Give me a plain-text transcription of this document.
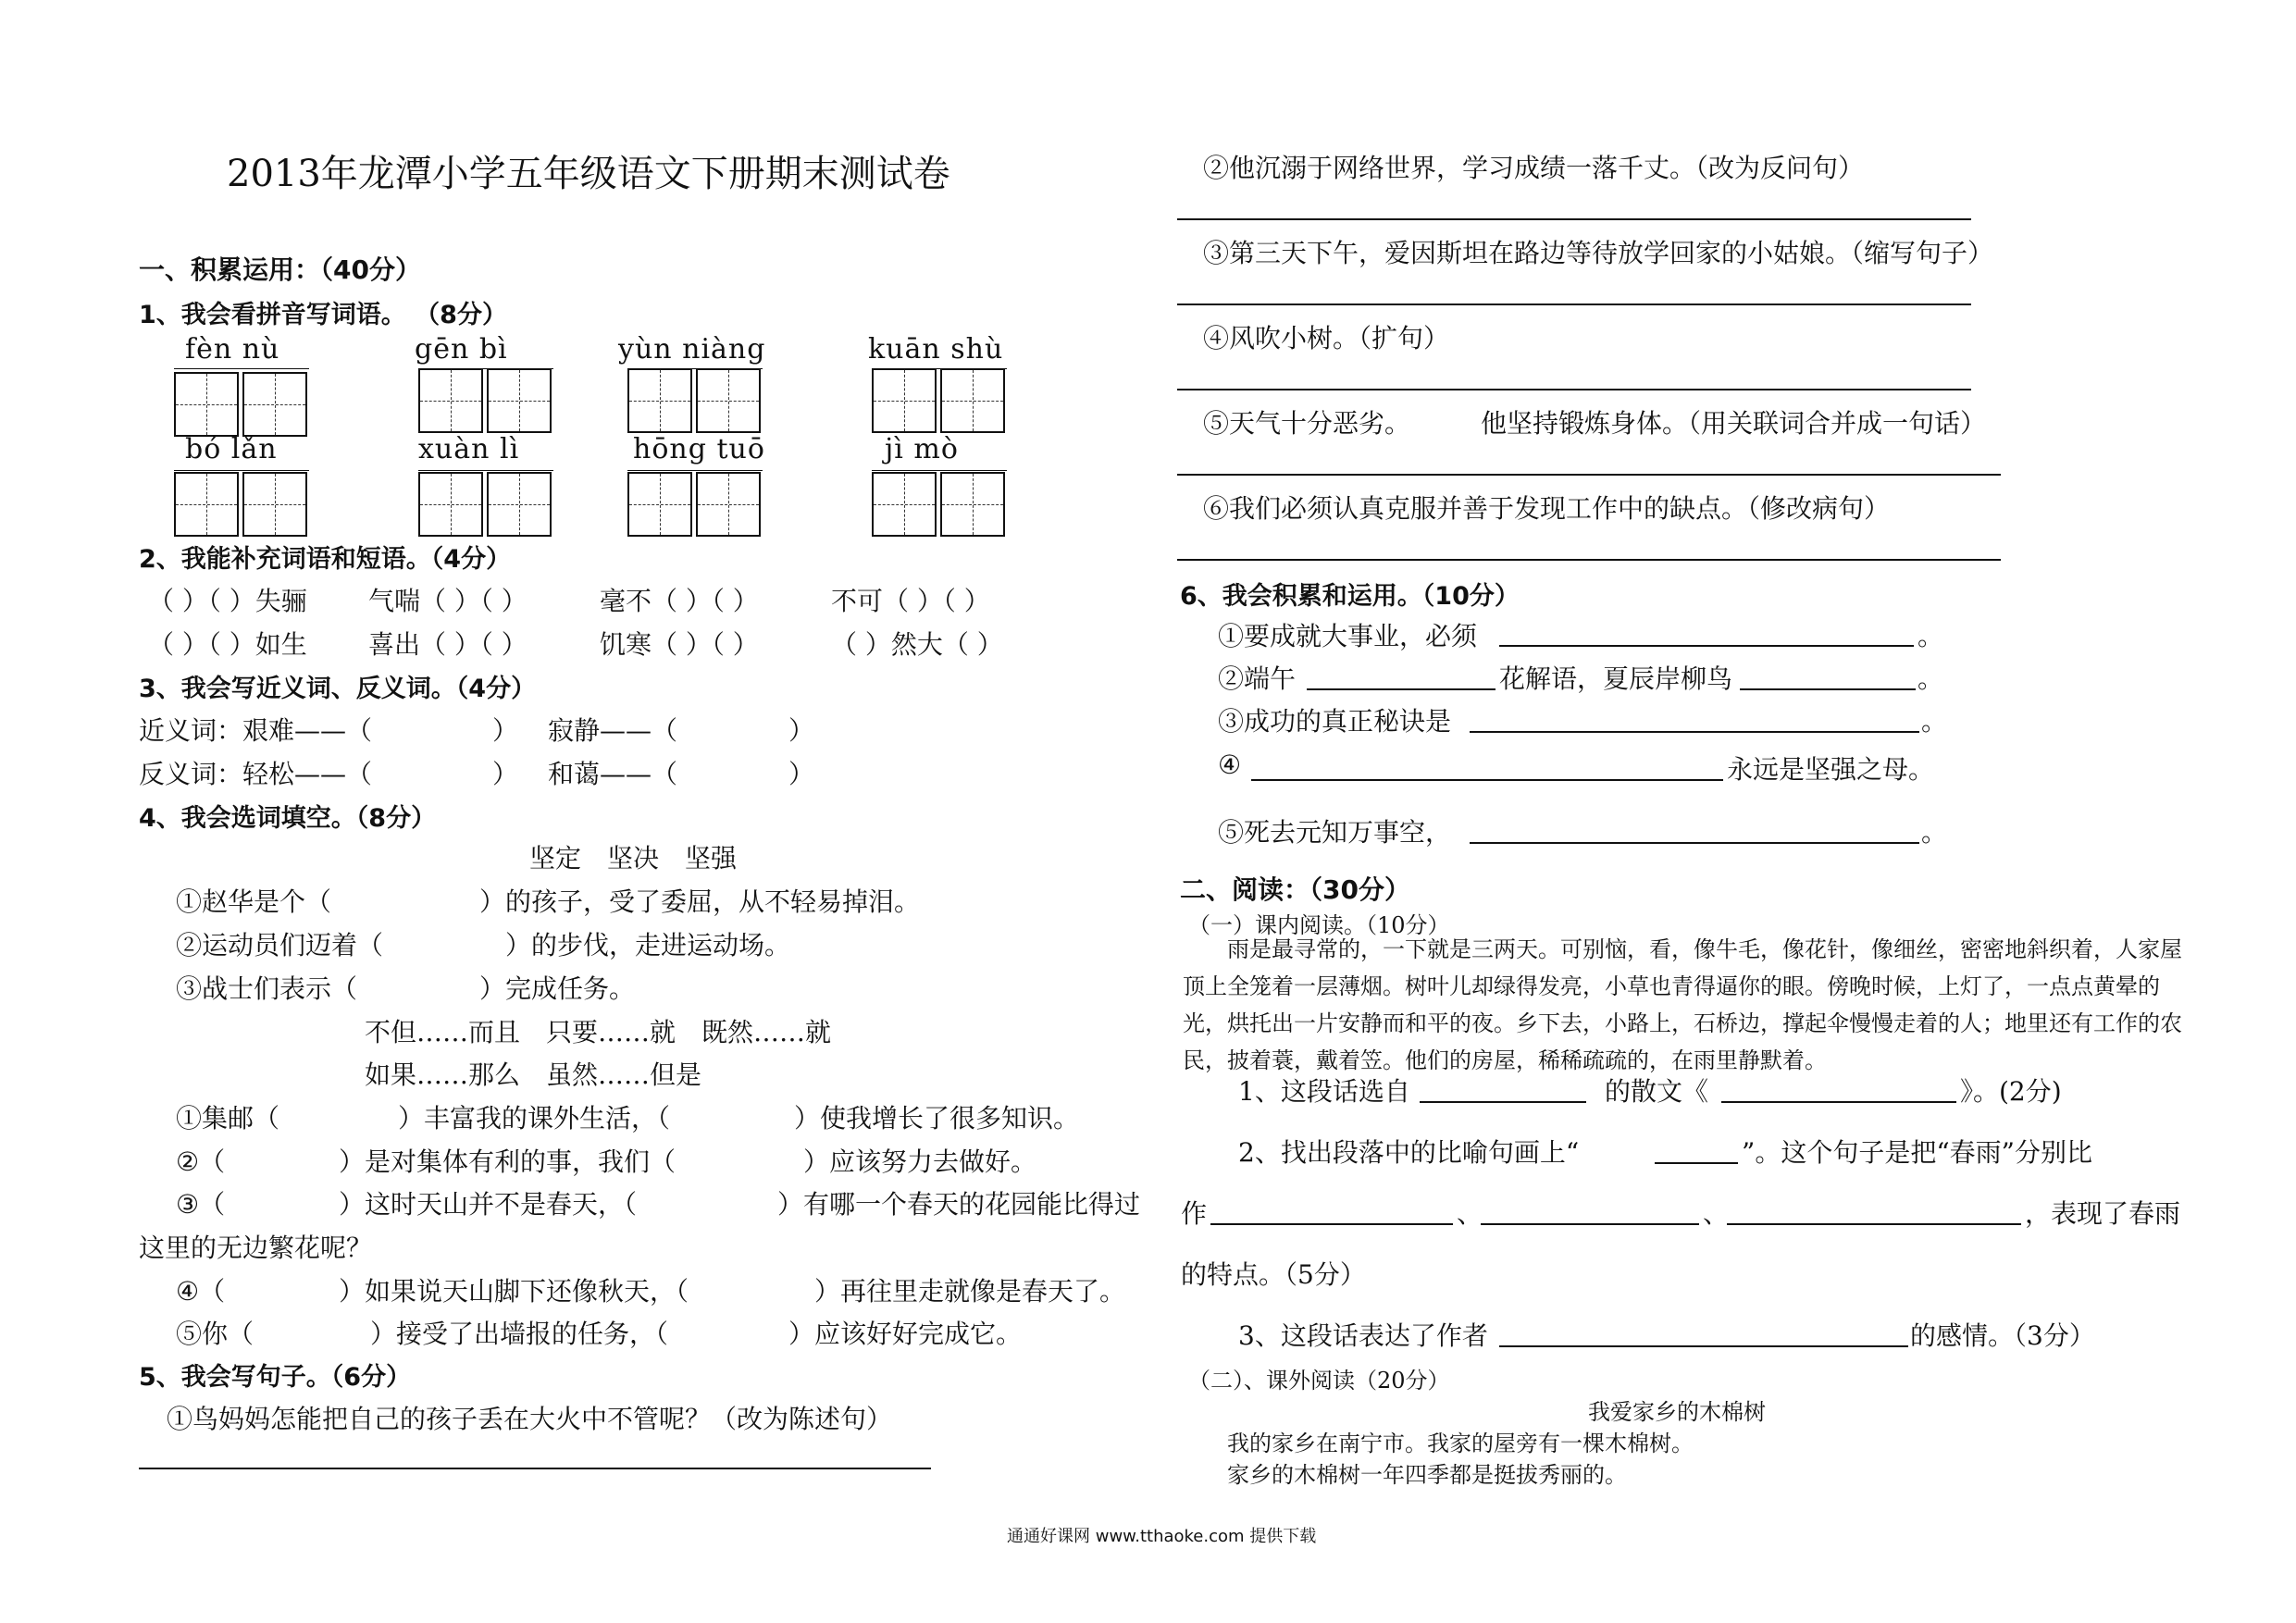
2013年龙潭小学五年级语文下册期末测试卷
一、积累运用：（40分）
1、我会看拼音写词语。 （8分）
fèn nù	gēn bì	yùn niàng	kuān shù
bó lǎn	xuàn lì	hōng tuō	jì mò
2、我能补充词语和短语。（4分）
（ ）（ ）失骊 气喘（ ）（ ）	毫不（ ）（ ）	不可（ ）（ ）
（ ）（ ）如生 喜出（ ）（ ）	饥寒（ ）（ ）	（ ）然大（ ）
3、我会写近义词、反义词。（4分）
近义词：艰难——（	） 寂静——（	）
反义词：轻松——（	） 和蔼——（	）
4、我会选词填空。（8分）
坚定　坚决　坚强
①赵华是个（	）的孩子，受了委屈，从不轻易掉泪。
②运动员们迈着（	）的步伐，走进运动场。
③战士们表示（	）完成任务。
不但……而且　只要……就　既然……就
如果……那么　虽然……但是
①集邮（	）丰富我的课外生活，（	）使我增长了很多知识。
②（	）是对集体有利的事，我们（	）应该努力去做好。
③（	）这时天山并不是春天，（	）有哪一个春天的花园能比得过
这里的无边繁花呢？
④（	）如果说天山脚下还像秋天，（	）再往里走就像是春天了。
⑤你（	）接受了出墙报的任务，（	）应该好好完成它。
5、我会写句子。（6分）
①鸟妈妈怎能把自己的孩子丢在大火中不管呢？（改为陈述句）
②他沉溺于网络世界，学习成绩一落千丈。（改为反问句）
③第三天下午，爱因斯坦在路边等待放学回家的小姑娘。（缩写句子）
④风吹小树。（扩句）
⑤天气十分恶劣。	他坚持锻炼身体。（用关联词合并成一句话）
⑥我们必须认真克服并善于发现工作中的缺点。（修改病句）
6、我会积累和运用。（10分）
①要成就大事业，必须	。
②端午	花解语，夏辰岸柳鸟	。
③成功的真正秘诀是	。
④	永远是坚强之母。
⑤死去元知万事空，	。
二、阅读：（30分）
（一）课内阅读。（10分）
　　雨是最寻常的，一下就是三两天。可别恼，看，像牛毛，像花针，像细丝，密密地斜织着，人家屋顶上全笼着一层薄烟。树叶儿却绿得发亮，小草也青得逼你的眼。傍晚时候，上灯了，一点点黄晕的光，烘托出一片安静而和平的夜。乡下去，小路上，石桥边，撑起伞慢慢走着的人；地里还有工作的农民，披着蓑，戴着笠。他们的房屋，稀稀疏疏的，在雨里静默着。
1、这段话选自	的散文《	》。(2分)
2、找出段落中的比喻句画上“	”。这个句子是把“春雨”分别比
作	、	、	，表现了春雨
的特点。（5分）
3、这段话表达了作者	的感情。（3分）
（二）、课外阅读（20分）
我爱家乡的木棉树
我的家乡在南宁市。我家的屋旁有一棵木棉树。
家乡的木棉树一年四季都是挺拔秀丽的。
通通好课网 www.tthaoke.com 提供下载
